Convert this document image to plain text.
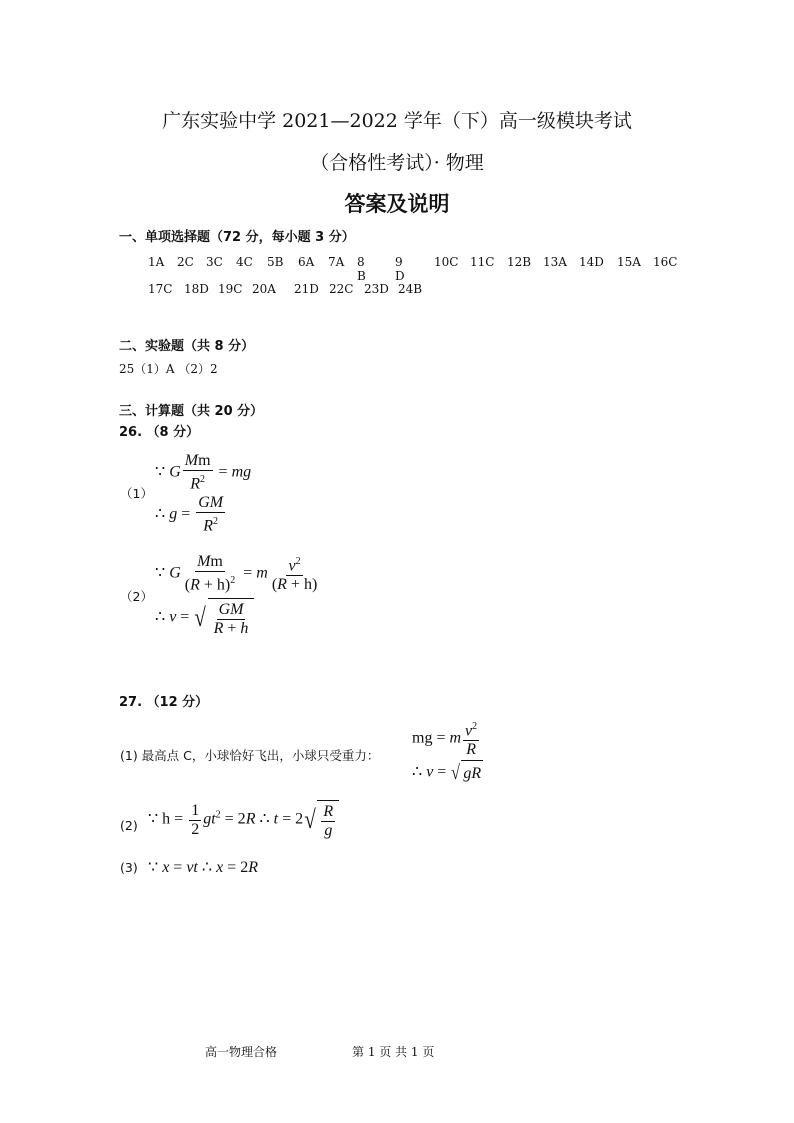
广东实验中学 2021—2022 学年（下）高一级模块考试
（合格性考试）· 物理
答案及说明
一、单项选择题（72 分，每小题 3 分）
1A 2C 3C 4C 5B 6A 7A 8 B
9 D
10C 11C 12B 13A 14D 15A 16C
17C 18D 19C 20A 21D 22C 23D 24B
二、实验题（共 8 分）
25（1）A （2）2
三、计算题（共 20 分）
26. （8 分）
（1）
∵ G $\frac{Mm}{R^2}$ = mg
∴ $g = \frac{GM}{R^2}$
（2）
∵ G $\frac{Mm}{(R + h)^2} = m \frac{v^2}{(R + h)}$
∴ v = √ $\frac{GM}{R + h}$
27. （12 分）
(1) 最高点 C，小球恰好飞出，小球只受重力：
mg = m $\frac{v^2}{R}$
∴ v = √ gR
(2) ∵ $h = \frac{1}{2} gt^2 = 2R$ ∴ t = 2 √ $\frac{R}{g}$
(3) ∵ x = vt ∴ x = 2R
高一物理合格	第 1 页 共 1 页
